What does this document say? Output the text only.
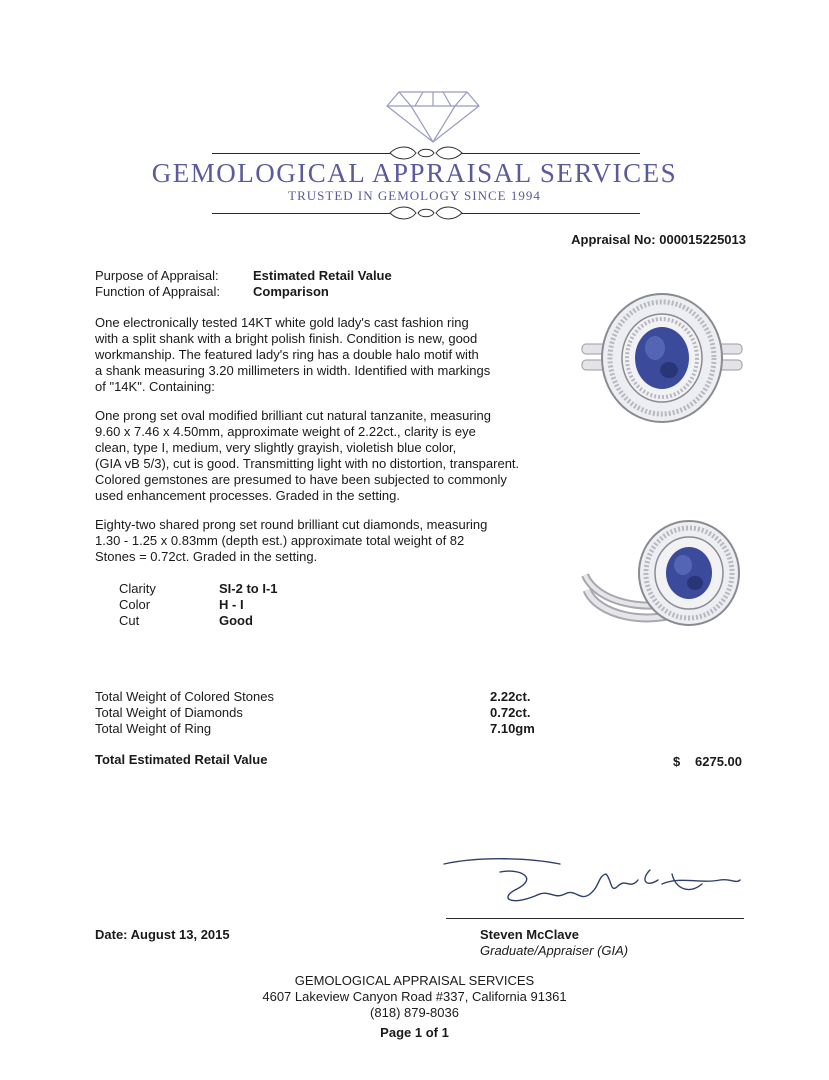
GEMOLOGICAL APPRAISAL SERVICES
TRUSTED IN GEMOLOGY SINCE 1994
Appraisal No: 000015225013
Purpose of Appraisal:	Estimated Retail Value
Function of Appraisal:	Comparison
One electronically tested 14KT white gold lady's cast fashion ring
with a split shank with a bright polish finish. Condition is new, good
workmanship. The featured lady's ring has a double halo motif with
a shank measuring 3.20 millimeters in width. Identified with markings
of "14K". Containing:
One prong set oval modified brilliant cut natural tanzanite, measuring
9.60 x 7.46 x 4.50mm, approximate weight of 2.22ct., clarity is eye
clean, type I, medium, very slightly grayish, violetish blue color,
(GIA vB 5/3), cut is good. Transmitting light with no distortion, transparent.
Colored gemstones are presumed to have been subjected to commonly
used enhancement processes. Graded in the setting.
Eighty-two shared prong set round brilliant cut diamonds, measuring
1.30 - 1.25 x 0.83mm (depth est.) approximate total weight of 82
Stones = 0.72ct. Graded in the setting.
Clarity	SI-2 to I-1
Color	H - I
Cut	Good
Total Weight of Colored Stones	2.22ct.
Total Weight of Diamonds	0.72ct.
Total Weight of Ring	7.10gm
Total Estimated Retail Value	$ 6275.00
Date: August 13, 2015	Steven McClave
Graduate/Appraiser (GIA)
GEMOLOGICAL APPRAISAL SERVICES
4607 Lakeview Canyon Road #337, California 91361
(818) 879-8036
Page 1 of 1
